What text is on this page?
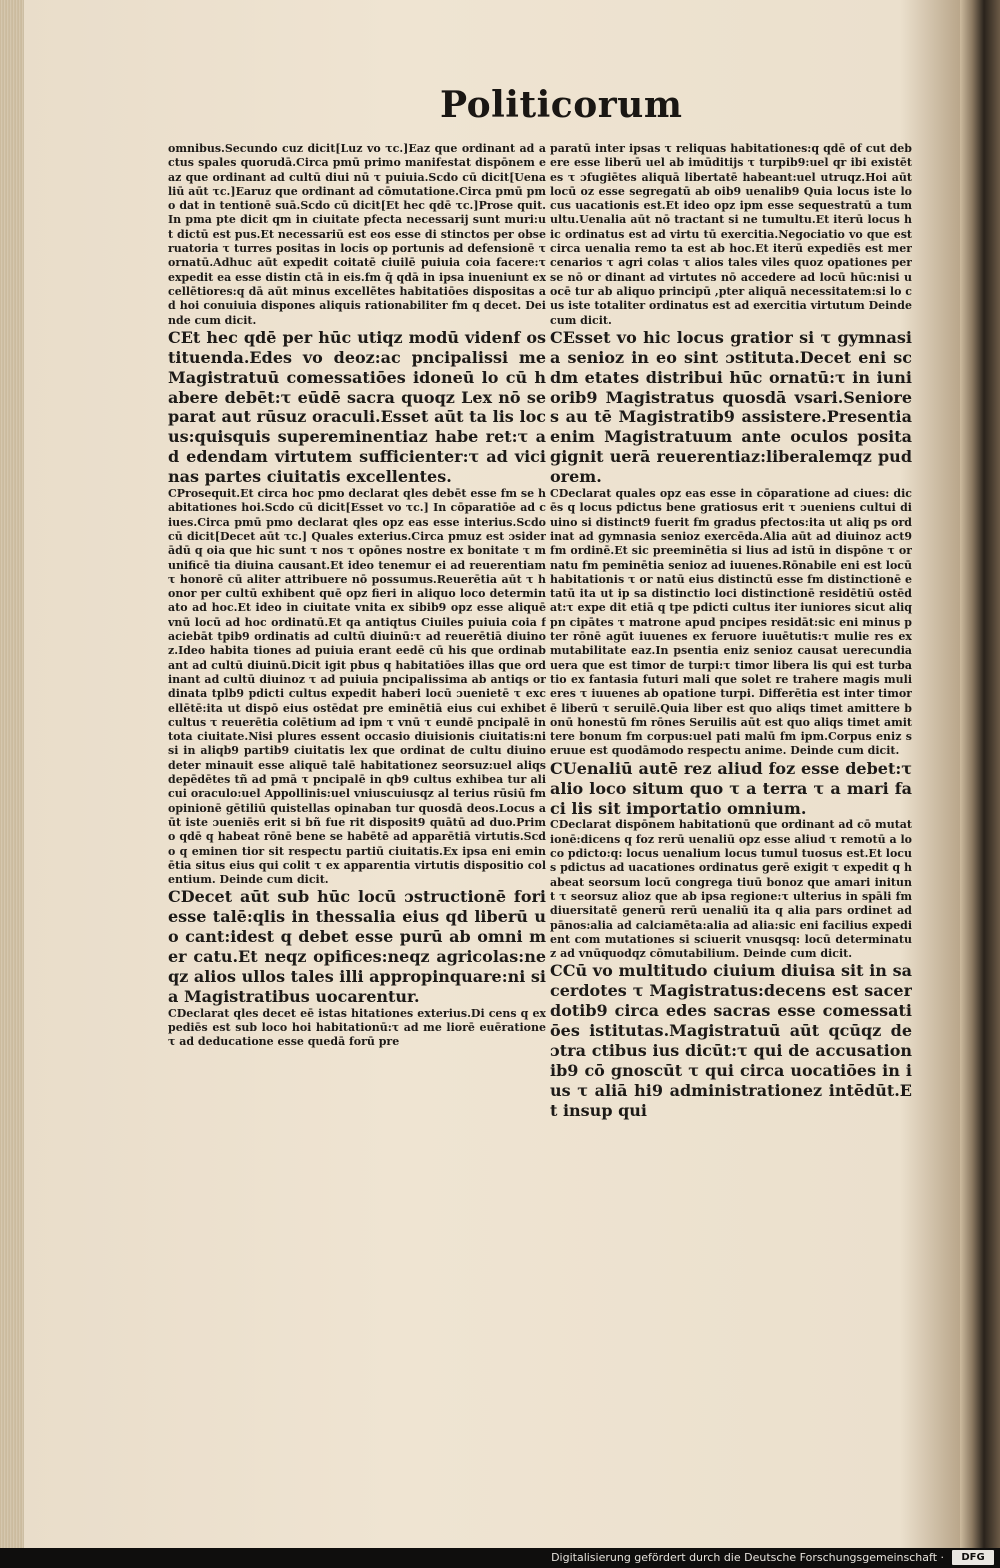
Politicorum

omnibus.Secundo cuz dicit[Luz vo τc.]Eaz que ordinant ad actus spales quorudā.Circa pmū primo manifestat dispōnem eaz que ordinant ad cultū diui nū τ puiuia.Scdo cū dicit[Uenaliū aūt τc.]Earuz que ordinant ad cōmutatione.Circa pmū pmo dat in tentionē suā.Scdo cū dicit[Et hec qdē τc.]Prose quit.In pma pte dicit qm in ciuitate pfecta necessarij sunt muri:ut dictū est pus.Et necessariū est eos esse di stinctos per obseruatoria τ turres positas in locis op portunis ad defensionē τ ornatū.Adhuc aūt expedit coitatē ciuilē puiuia coia facere:τ expedit ea esse distin ctā in eis.fm q̄ qdā in ipsa inueniunt excellētiores:q dā aūt minus excellētes habitatiōes dispositas ad hoi conuiuia dispones aliquis rationabiliter fm q decet. Deinde cum dicit.

CEt hec qdē per hūc utiqz modū videnf ostituenda.Edes vo deoz:ac pncipalissi me Magistratuū comessatiōes idoneū lo cū habere debēt:τ eūdē sacra quoqz Lex nō separat aut rūsuz oraculi.Esset aūt ta lis locus:quisquis supereminentiaz habe ret:τ ad edendam virtutem sufficienter:τ ad vicinas partes ciuitatis excellentes.

CProsequit.Et circa hoc pmo declarat qles debēt esse fm se habitationes hoi.Scdo cū dicit[Esset vo τc.] In cōparatiōe ad ciues.Circa pmū pmo declarat qles opz eas esse interius.Scdo cū dicit[Decet aūt τc.] Quales exterius.Circa pmuz est ɔsiderādū q oia que hic sunt τ nos τ opōnes nostre ex bonitate τ munificē tia diuina causant.Et ideo tenemur ei ad reuerentiam τ honorē cū aliter attribuere nō possumus.Reuerētia aūt τ honor per cultū exhibent quē opz fieri in aliquo loco determinato ad hoc.Et ideo in ciuitate vnita ex sibib9 opz esse aliquē vnū locū ad hoc ordinatū.Et qa antiqtus Ciuiles puiuia coia faciebāt tpib9 ordinatis ad cultū diuinū:τ ad reuerētiā diuinoz.Ideo habita tiones ad puiuia erant eedē cū his que ordinabant ad cultū diuinū.Dicit igit pbus q habitatiōes illas que ordinant ad cultū diuinoz τ ad puiuia pncipalissima ab antiqs ordinata tplb9 pdicti cultus expedit haberi locū ɔuenietē τ excellētē:ita ut dispō eius ostēdat pre eminētiā eius cui exhibet cultus τ reuerētia colētium ad ipm τ vnū τ eundē pncipalē in tota ciuitate.Nisi plures essent occasio diuisionis ciuitatis:nisi in aliqb9 partib9 ciuitatis lex que ordinat de cultu diuino deter minauit esse aliquē talē habitationez seorsuz:uel aliqs depēdētes tñ ad pmā τ pncipalē in qb9 cultus exhibea tur alicui oraculo:uel Appollinis:uel vniuscuiusqz al terius rūsiū fm opinionē gētiliū quistellas opinaban tur quosdā deos.Locus aūt iste ɔueniēs erit si bñ fue rit disposit9 quātū ad duo.Primo qdē q habeat rōnē bene se habētē ad apparētiā virtutis.Scdo q eminen tior sit respectu partiū ciuitatis.Ex ipsa eni eminētia situs eius qui colit τ ex apparentia virtutis dispositio colentium. Deinde cum dicit.

CDecet aūt sub hūc locū ɔstructionē fori esse talē:qlis in thessalia eius qd liberū uo cant:idest q debet esse purū ab omni mer catu.Et neqz opifices:neqz agricolas:ne qz alios ullos tales illi appropinquare:ni si a Magistratibus uocarentur.

CDeclarat qles decet eē istas hitationes exterius.Di cens q expediēs est sub loco hoi habitationū:τ ad me liorē euēratione τ ad deducatione esse quedā forū pre

paratū inter ipsas τ reliquas habitationes:q qdē of cut debere esse liberū uel ab imūditijs τ turpib9:uel qr ibi existētes τ ɔfugiētes aliquā libertatē habeant:uel utruqz.Hoi aūt locū oz esse segregatū ab oib9 uenalib9 Quia locus iste locus uacationis est.Et ideo opz ipm esse sequestratū a tumultu.Uenalia aūt nō tractant si ne tumultu.Et iterū locus hic ordinatus est ad virtu tū exercitia.Negociatio vo que est circa uenalia remo ta est ab hoc.Et iterū expediēs est mercenarios τ agri colas τ alios tales viles quoz opationes per se nō or dinant ad virtutes nō accedere ad locū hūc:nisi uocē tur ab aliquo principū ,pter aliquā necessitatem:si lo cus iste totaliter ordinatus est ad exercitia virtutum Deinde cum dicit.

CEsset vo hic locus gratior si τ gymnasia senioz in eo sint ɔstituta.Decet eni scdm etates distribui hūc ornatū:τ in iuniorib9 Magistratus quosdā vsari.Seniores au tē Magistratib9 assistere.Presentia enim Magistratuum ante oculos posita gignit uerā reuerentiaz:liberalemqz pudorem.

CDeclarat quales opz eas esse in cōparatione ad ciues: dicēs q locus pdictus bene gratiosus erit τ ɔueniens cultui diuino si distinct9 fuerit fm gradus pfectos:ita ut aliq ps ordinat ad gymnasia senioz exercēda.Alia aūt ad diuinoz act9 fm ordinē.Et sic preeminētia si lius ad istū in dispōne τ ornatu fm peminētia senioz ad iuuenes.Rōnabile eni est locū habitationis τ or natū eius distinctū esse fm distinctionē etatū ita ut ip sa distinctio loci distinctionē residētiū ostēdat:τ expe dit etiā q tpe pdicti cultus iter iuniores sicut aliq pn cipātes τ matrone apud pncipes residāt:sic eni minus pter rōnē agūt iuuenes ex feruore iuuētutis:τ mulie res ex mutabilitate eaz.In psentia eniz senioz causat uerecundia uera que est timor de turpi:τ timor libera lis qui est turbatio ex fantasia futuri mali que solet re trahere magis mulieres τ iuuenes ab opatione turpi. Differētia est inter timorē liberū τ seruilē.Quia liber est quo aliqs timet amittere bonū honestū fm rōnes Seruilis aūt est quo aliqs timet amittere bonum fm corpus:uel pati malū fm ipm.Corpus eniz seruue est quodāmodo respectu anime. Deinde cum dicit.

CUenaliū autē rez aliud foz esse debet:τ alio loco situm quo τ a terra τ a mari faci lis sit importatio omnium.

CDeclarat dispōnem habitationū que ordinant ad cō mutationē:dicens q foz rerū uenaliū opz esse aliud τ remotū a loco pdicto:q: locus uenalium locus tumul tuosus est.Et locus pdictus ad uacationes ordinatus gerē exigit τ expedit q habeat seorsum locū congrega tiuū bonoz que amari initunt τ seorsuz alioz que ab ipsa regione:τ ulterius in spāli fm diuersitatē generū rerū uenaliū ita q alia pars ordinet ad pānos:alia ad calciamēta:alia ad alia:sic eni facilius expedient com mutationes si sciuerit vnusqsq: locū determinatuz ad vnūquodqz cōmutabilium. Deinde cum dicit.

CCū vo multitudo ciuium diuisa sit in sa cerdotes τ Magistratus:decens est sacer dotib9 circa edes sacras esse comessatiōes istitutas.Magistratuū aūt qcūqz de ɔtra ctibus ius dicūt:τ qui de accusationib9 cō gnoscūt τ qui circa uocatiōes in ius τ aliā hi9 administrationez intēdūt.Et insup qui

Digitalisierung gefördert durch die Deutsche Forschungsgemeinschaft ·	DFG
